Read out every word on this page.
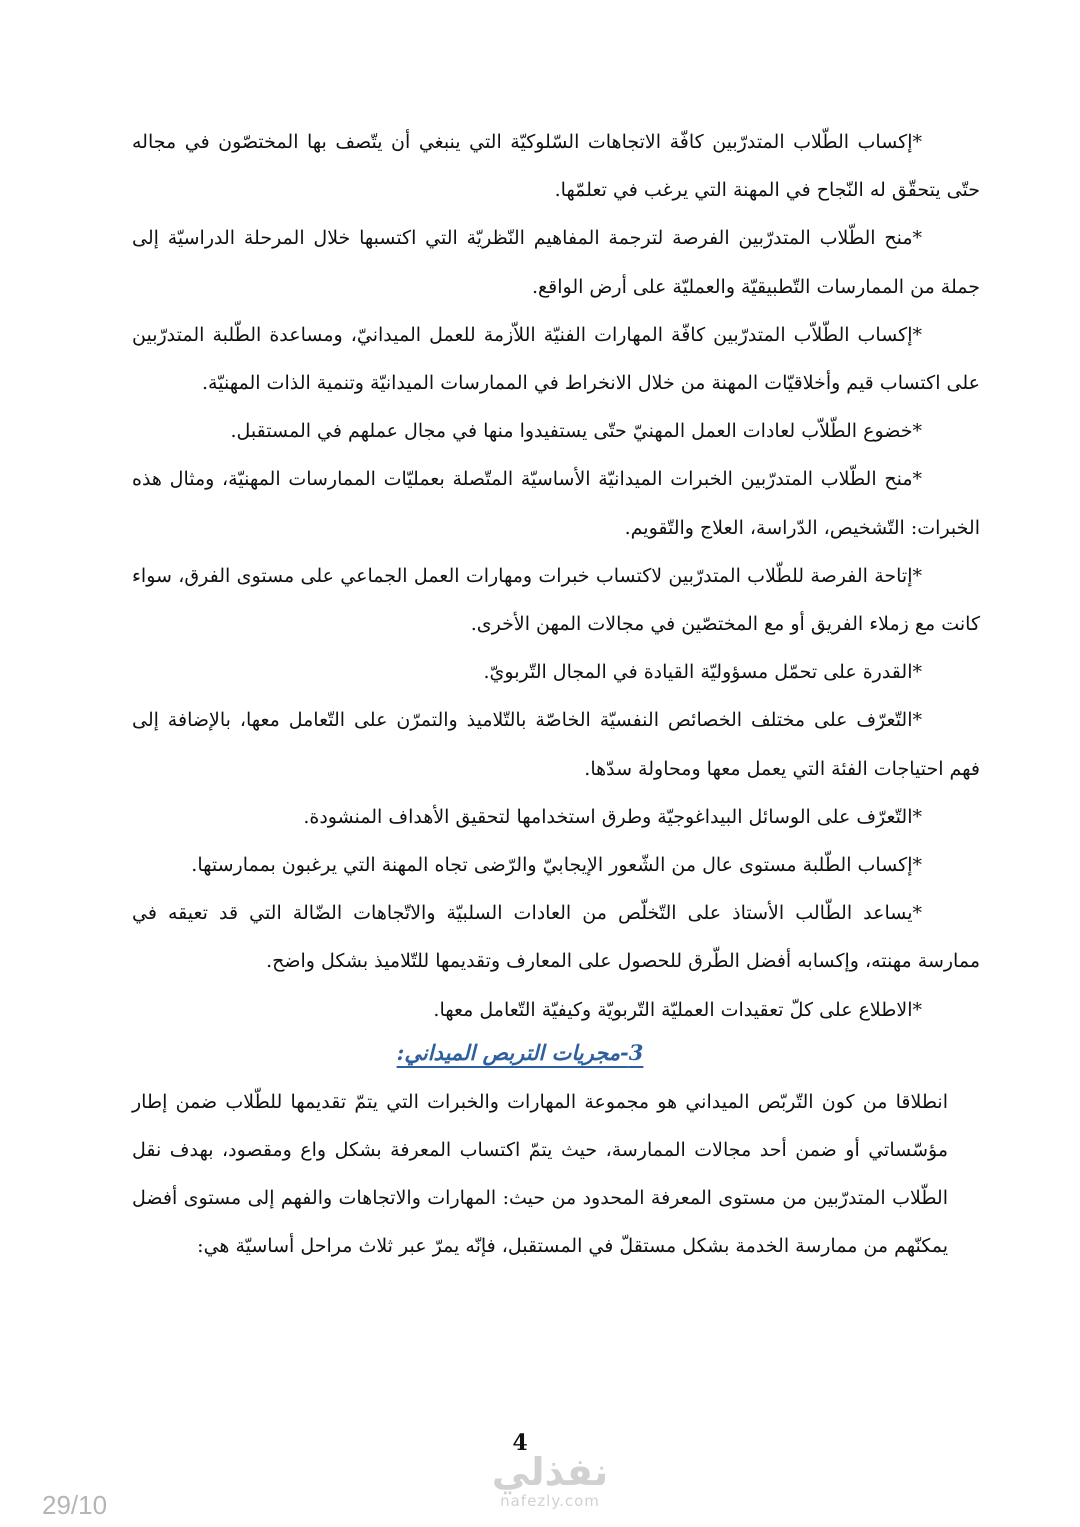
*إكساب الطّلاب المتدرّبين كافّة الاتجاهات السّلوكيّة التي ينبغي أن يتّصف بها المختصّون في مجاله حتّى يتحقّق له النّجاح في المهنة التي يرغب في تعلمّها.

*منح الطّلاب المتدرّبين الفرصة لترجمة المفاهيم النّظريّة التي اكتسبها خلال المرحلة الدراسيّة إلى جملة من الممارسات التّطبيقيّة والعمليّة على أرض الواقع.

*إكساب الطّلاّب المتدرّبين كافّة المهارات الفنيّة اللاّزمة للعمل الميدانيّ، ومساعدة الطّلبة المتدرّبين على اكتساب قيم وأخلاقيّات المهنة من خلال الانخراط في الممارسات الميدانيّة وتنمية الذات المهنيّة.

*خضوع الطّلاّب لعادات العمل المهنيّ حتّى يستفيدوا منها في مجال عملهم في المستقبل.

*منح الطّلاب المتدرّبين الخبرات الميدانيّة الأساسيّة المتّصلة بعمليّات الممارسات المهنيّة، ومثال هذه الخبرات: التّشخيص، الدّراسة، العلاج والتّقويم.

*إتاحة الفرصة للطّلاب المتدرّبين لاكتساب خبرات ومهارات العمل الجماعي على مستوى الفرق، سواء كانت مع زملاء الفريق أو مع المختصّين في مجالات المهن الأخرى.

*القدرة على تحمّل مسؤوليّة القيادة في المجال التّربويّ.

*التّعرّف على مختلف الخصائص النفسيّة الخاصّة بالتّلاميذ والتمرّن على التّعامل معها، بالإضافة إلى فهم احتياجات الفئة التي يعمل معها ومحاولة سدّها.

*التّعرّف على الوسائل البيداغوجيّة وطرق استخدامها لتحقيق الأهداف المنشودة.

*إكساب الطّلبة مستوى عال من الشّعور الإيجابيّ والرّضى تجاه المهنة التي يرغبون بممارستها.

*يساعد الطّالب الأستاذ على التّخلّص من العادات السلبيّة والاتّجاهات الضّالة التي قد تعيقه في ممارسة مهنته، وإكسابه أفضل الطّرق للحصول على المعارف وتقديمها للتّلاميذ بشكل واضح.

*الاطلاع على كلّ تعقيدات العمليّة التّربويّة وكيفيّة التّعامل معها.

3-مجريات التربص الميداني:

انطلاقا من كون التّربّص الميداني هو مجموعة المهارات والخبرات التي يتمّ تقديمها للطّلاب ضمن إطار مؤسّساتي أو ضمن أحد مجالات الممارسة، حيث يتمّ اكتساب المعرفة بشكل واع ومقصود، بهدف نقل الطّلاب المتدرّبين من مستوى المعرفة المحدود من حيث: المهارات والاتجاهات والفهم إلى مستوى أفضل يمكنّهم من ممارسة الخدمة بشكل مستقلّ في المستقبل، فإنّه يمرّ عبر ثلاث مراحل أساسيّة هي:

4
نفذلي
nafezly.com
29/10
